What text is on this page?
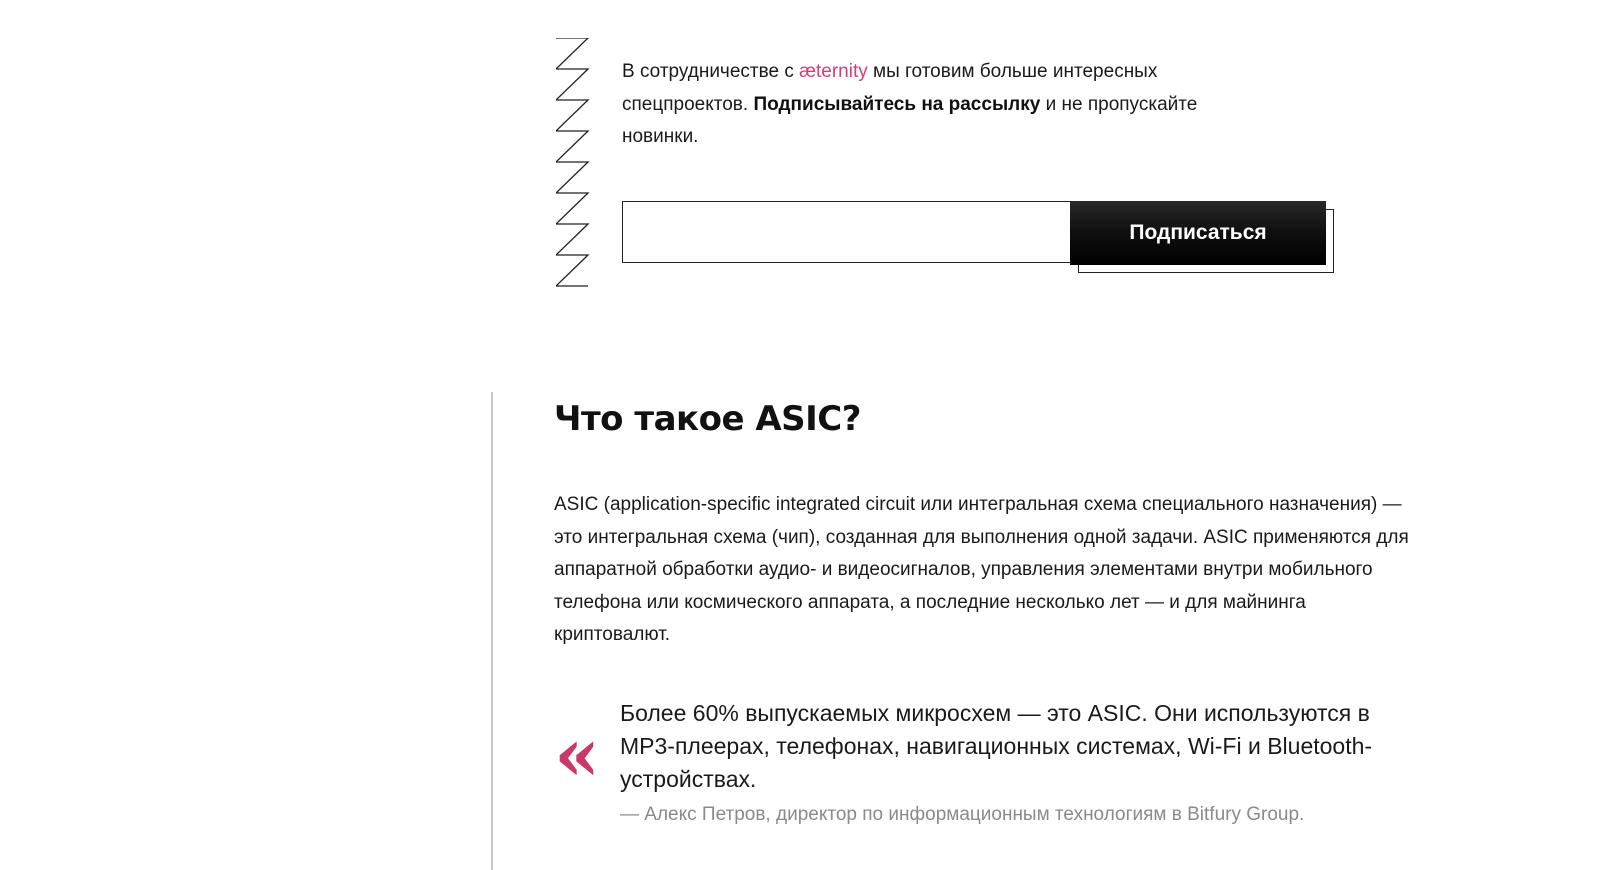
В сотрудничестве с æternity мы готовим больше интересных спецпроектов. Подписывайтесь на рассылку и не пропускайте новинки.

Подписаться
Что такое ASIC?

ASIC (application-specific integrated circuit или интегральная схема специального назначения) — это интегральная схема (чип), созданная для выполнения одной задачи. ASIC применяются для аппаратной обработки аудио- и видеосигналов, управления элементами внутри мобильного телефона или космического аппарата, а последние несколько лет — и для майнинга криптовалют.

« Более 60% выпускаемых микросхем — это ASIC. Они используются в MP3-плеерах, телефонах, навигационных системах, Wi-Fi и Bluetooth-устройствах.

— Алекс Петров, директор по информационным технологиям в Bitfury Group.
